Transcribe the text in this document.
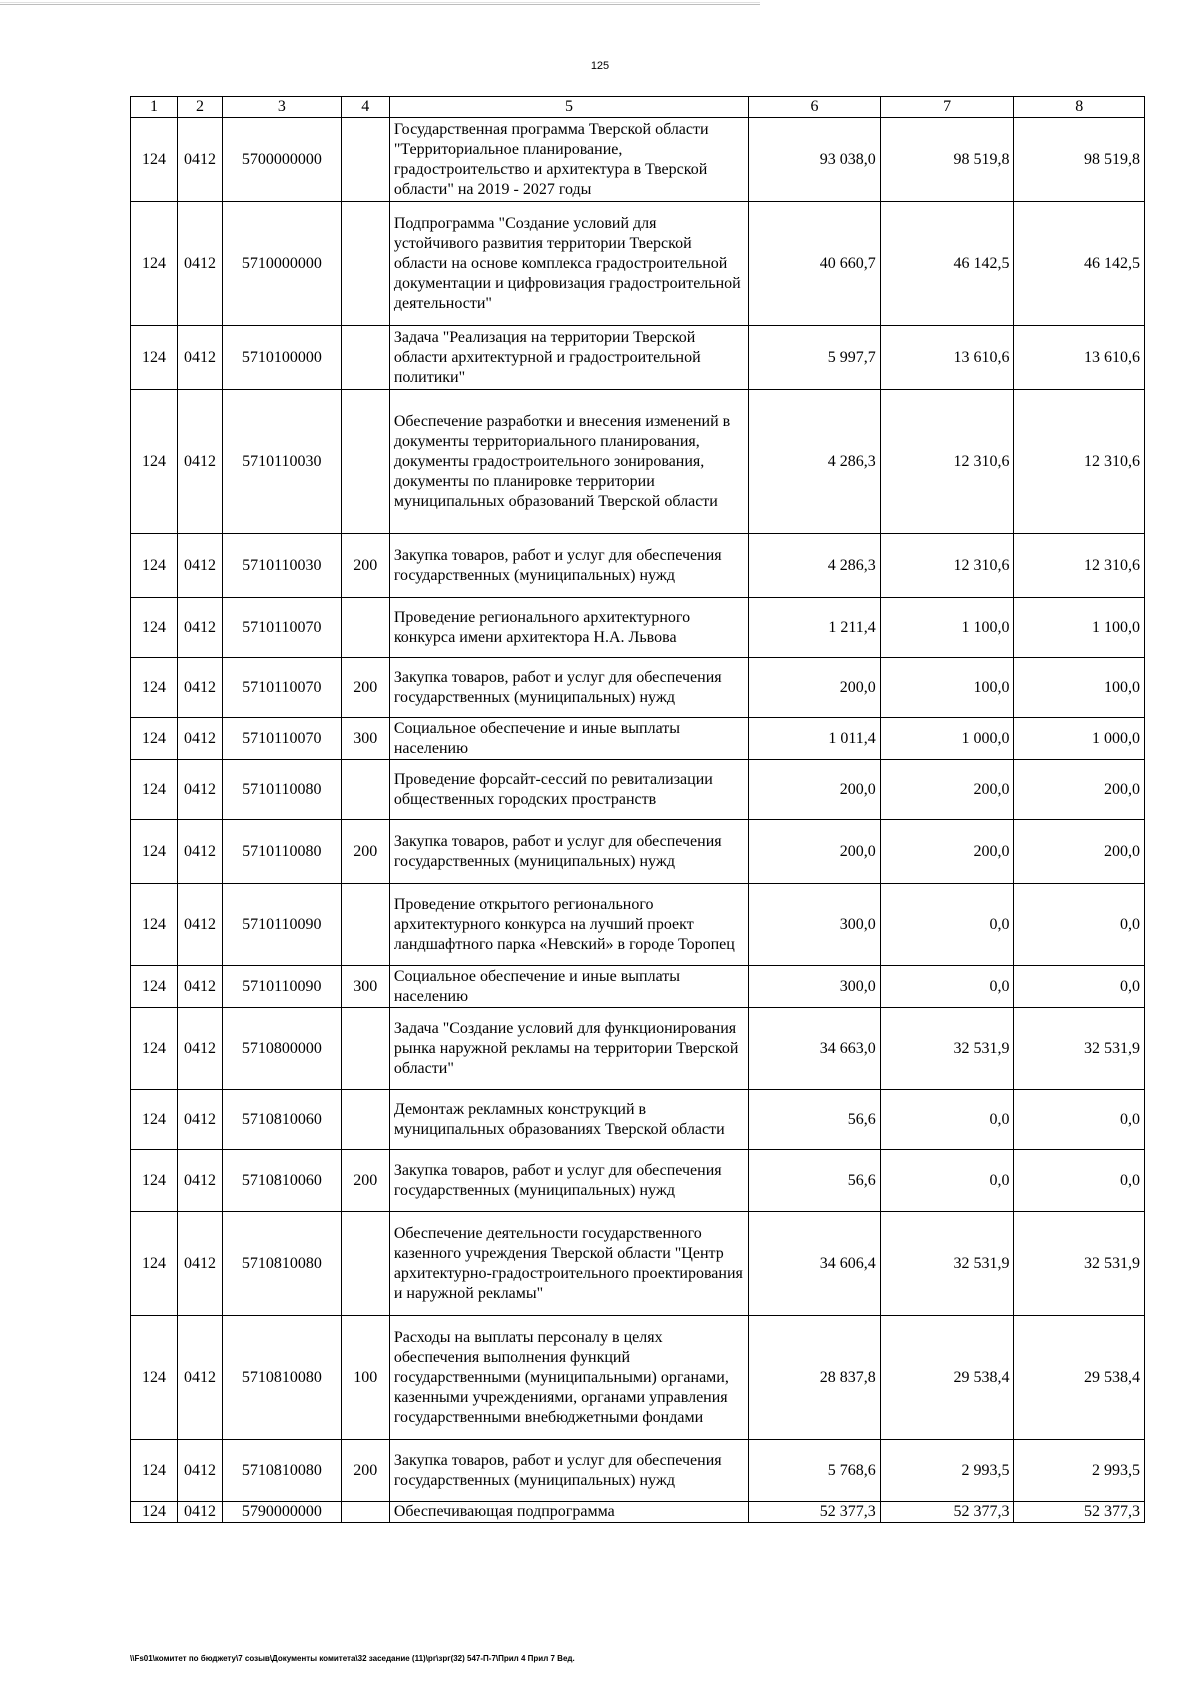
125
1	2	3	4	5	6	7	8
124	0412	5700000000		Государственная программа Тверской области "Территориальное планирование, градостроительство и архитектура в Тверской области" на 2019 - 2027 годы	93 038,0	98 519,8	98 519,8
124	0412	5710000000		Подпрограмма "Создание условий для устойчивого развития территории Тверской области на основе комплекса градостроительной документации и цифровизация градостроительной деятельности"	40 660,7	46 142,5	46 142,5
124	0412	5710100000		Задача "Реализация на территории Тверской области архитектурной и градостроительной политики"	5 997,7	13 610,6	13 610,6
124	0412	5710110030		Обеспечение разработки и внесения изменений в документы территориального планирования, документы градостроительного зонирования, документы по планировке территории муниципальных образований Тверской области	4 286,3	12 310,6	12 310,6
124	0412	5710110030	200	Закупка товаров, работ и услуг для обеспечения государственных (муниципальных) нужд	4 286,3	12 310,6	12 310,6
124	0412	5710110070		Проведение регионального архитектурного конкурса имени архитектора Н.А. Львова	1 211,4	1 100,0	1 100,0
124	0412	5710110070	200	Закупка товаров, работ и услуг для обеспечения государственных (муниципальных) нужд	200,0	100,0	100,0
124	0412	5710110070	300	Социальное обеспечение и иные выплаты населению	1 011,4	1 000,0	1 000,0
124	0412	5710110080		Проведение форсайт-сессий по ревитализации общественных городских пространств	200,0	200,0	200,0
124	0412	5710110080	200	Закупка товаров, работ и услуг для обеспечения государственных (муниципальных) нужд	200,0	200,0	200,0
124	0412	5710110090		Проведение открытого регионального архитектурного конкурса на лучший проект ландшафтного парка «Невский» в городе Торопец	300,0	0,0	0,0
124	0412	5710110090	300	Социальное обеспечение и иные выплаты населению	300,0	0,0	0,0
124	0412	5710800000		Задача "Создание условий для функционирования рынка наружной рекламы на территории Тверской области"	34 663,0	32 531,9	32 531,9
124	0412	5710810060		Демонтаж рекламных конструкций в муниципальных образованиях Тверской области	56,6	0,0	0,0
124	0412	5710810060	200	Закупка товаров, работ и услуг для обеспечения государственных (муниципальных) нужд	56,6	0,0	0,0
124	0412	5710810080		Обеспечение деятельности государственного казенного учреждения Тверской области "Центр архитектурно-градостроительного проектирования и наружной рекламы"	34 606,4	32 531,9	32 531,9
124	0412	5710810080	100	Расходы на выплаты персоналу в целях обеспечения выполнения функций государственными (муниципальными) органами, казенными учреждениями, органами управления государственными внебюджетными фондами	28 837,8	29 538,4	29 538,4
124	0412	5710810080	200	Закупка товаров, работ и услуг для обеспечения государственных (муниципальных) нужд	5 768,6	2 993,5	2 993,5
124	0412	5790000000		Обеспечивающая подпрограмма	52 377,3	52 377,3	52 377,3
\\Fs01\комитет по бюджету\7 созыв\Документы комитета\32 заседание (11)\рг\зрг(32) 547-П-7\Прил 4 Прил 7 Вед.
